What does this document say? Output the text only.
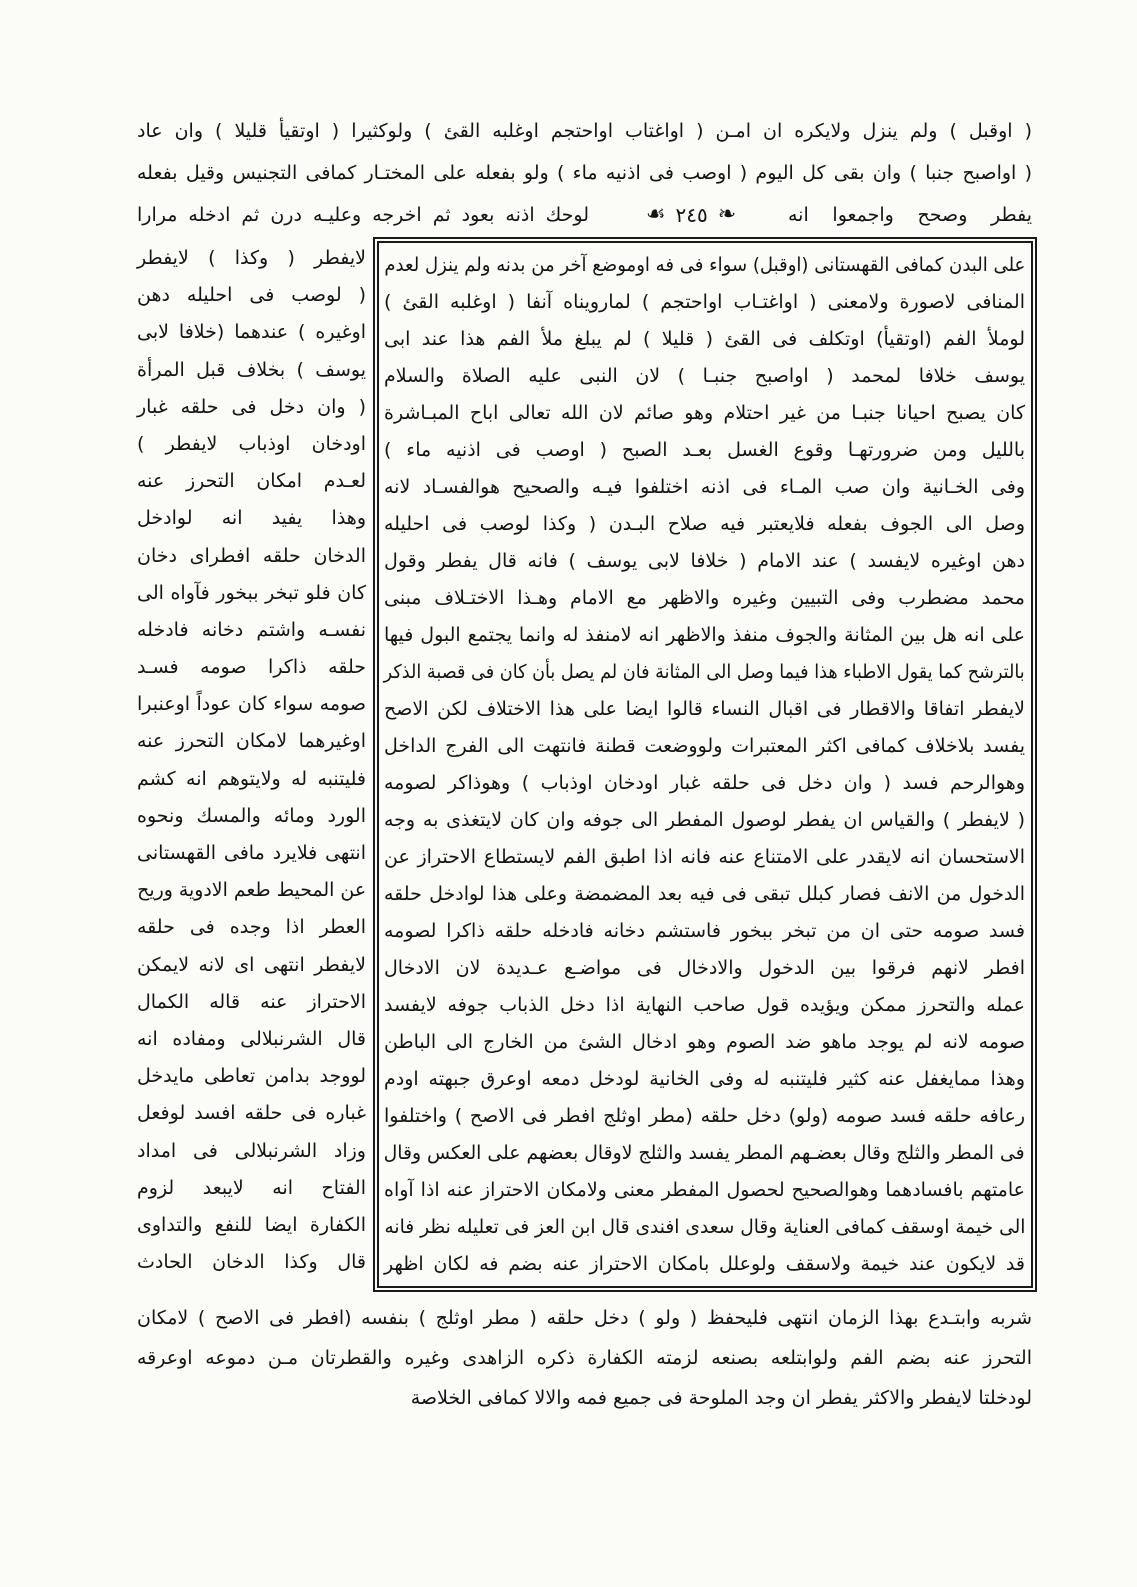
( اوقبل ) ولم ينزل ولايكره ان امـن ( اواغتاب اواحتجم اوغلبه القئ ) ولوكثيرا ( اوتقيأ قليلا ) وان عاد
( اواصبح جنبا ) وان بقى كل اليوم ( اوصب فى اذنيه ماء ) ولو بفعله على المختـار كمافى التجنيس وقيل بفعله
يفطر وصحح واجمعوا انه
❧
٢٤٥
☙
لوحك اذنه بعود ثم اخرجه وعليـه درن ثم ادخله مرارا
على البدن كمافى القهستانى (اوقبل) سواء فى فه اوموضع آخر من بدنه ولم ينزل لعدم
المنافى لاصورة ولامعنى ( اواغتـاب اواحتجم ) لمارويناه آنفا ( اوغلبه القئ )
لوملأ الفم (اوتقيأ) اوتكلف فى القئ ( قليلا ) لم يبلغ ملأ الفم هذا عند ابى
يوسف خلافا لمحمد ( اواصبح جنبـا ) لان النبى عليه الصلاة والسلام
كان يصبح احيانا جنبـا من غير احتلام وهو صائم لان الله تعالى اباح المبـاشرة
بالليل ومن ضرورتهـا وقوع الغسل بعـد الصبح ( اوصب فى اذنيه ماء )
وفى الخـانية وان صب المـاء فى اذنه اختلفوا فيـه والصحيح هوالفسـاد لانه
وصل الى الجوف بفعله فلايعتبر فيه صلاح البـدن ( وكذا لوصب فى احليله
دهن اوغيره لايفسد ) عند الامام ( خلافا لابى يوسف ) فانه قال يفطر وقول
محمد مضطرب وفى التبيين وغيره والاظهر مع الامام وهـذا الاختـلاف مبنى
على انه هل بين المثانة والجوف منفذ والاظهر انه لامنفذ له وانما يجتمع البول فيها
بالترشح كما يقول الاطباء هذا فيما وصل الى المثانة فان لم يصل بأن كان فى قصبة الذكر
لايفطر اتفاقا والاقطار فى اقبال النساء قالوا ايضا على هذا الاختلاف لكن الاصح
يفسد بلاخلاف كمافى اكثر المعتبرات ولووضعت قطنة فانتهت الى الفرج الداخل
وهوالرحم فسد ( وان دخل فى حلقه غبار اودخان اوذباب ) وهوذاكر لصومه
( لايفطر ) والقياس ان يفطر لوصول المفطر الى جوفه وان كان لايتغذى به وجه
الاستحسان انه لايقدر على الامتناع عنه فانه اذا اطبق الفم لايستطاع الاحتراز عن
الدخول من الانف فصار كبلل تبقى فى فيه بعد المضمضة وعلى هذا لوادخل حلقه
فسد صومه حتى ان من تبخر ببخور فاستشم دخانه فادخله حلقه ذاكرا لصومه
افطر لانهم فرقوا بين الدخول والادخال فى مواضـع عـديدة لان الادخال
عمله والتحرز ممكن ويؤيده قول صاحب النهاية اذا دخل الذباب جوفه لايفسد
صومه لانه لم يوجد ماهو ضد الصوم وهو ادخال الشئ من الخارج الى الباطن
وهذا ممايغفل عنه كثير فليتنبه له وفى الخانية لودخل دمعه اوعرق جبهته اودم
رعافه حلقه فسد صومه (ولو) دخل حلقه (مطر اوثلج افطر فى الاصح ) واختلفوا
فى المطر والثلج وقال بعضـهم المطر يفسد والثلج لاوقال بعضهم على العكس وقال
عامتهم بافسادهما وهوالصحيح لحصول المفطر معنى ولامكان الاحتراز عنه اذا آواه
الى خيمة اوسقف كمافى العناية وقال سعدى افندى قال ابن العز فى تعليله نظر فانه
قد لايكون عند خيمة ولاسقف ولوعلل بامكان الاحتراز عنه بضم فه لكان اظهر
لايفطر ( وكذا ) لايفطر
( لوصب فى احليله دهن
اوغيره ) عندهما (خلافا لابى
يوسف ) بخلاف قبل المرأة
( وان دخل فى حلقه غبار
اودخان اوذباب لايفطر )
لعـدم امكان التحرز عنه
وهذا يفيد انه لوادخل
الدخان حلقه افطراى دخان
كان فلو تبخر ببخور فآواه الى
نفسـه واشتم دخانه فادخله
حلقه ذاكرا صومه فسـد
صومه سواء كان عوداً اوعنبرا
اوغيرهما لامكان التحرز عنه
فليتنبه له ولايتوهم انه كشم
الورد ومائه والمسك ونحوه
انتهى فلايرد مافى القهستانى
عن المحيط طعم الادوية وريح
العطر اذا وجده فى حلقه
لايفطر انتهى اى لانه لايمكن
الاحتراز عنه قاله الكمال
قال الشرنبلالى ومفاده انه
لووجد بدامن تعاطى مايدخل
غباره فى حلقه افسد لوفعل
وزاد الشرنبلالى فى امداد
الفتاح انه لايبعد لزوم
الكفارة ايضا للنفع والتداوى
قال وكذا الدخان الحادث
شربه وابتـدع بهذا الزمان انتهى فليحفظ ( ولو ) دخل حلقه ( مطر اوثلج ) بنفسه (افطر فى الاصح ) لامكان
التحرز عنه بضم الفم ولوابتلعه بصنعه لزمته الكفارة ذكره الزاهدى وغيره والقطرتان مـن دموعه اوعرقه
لودخلتا لايفطر والاكثر يفطر ان وجد الملوحة فى جميع فمه والالا كمافى الخلاصة
